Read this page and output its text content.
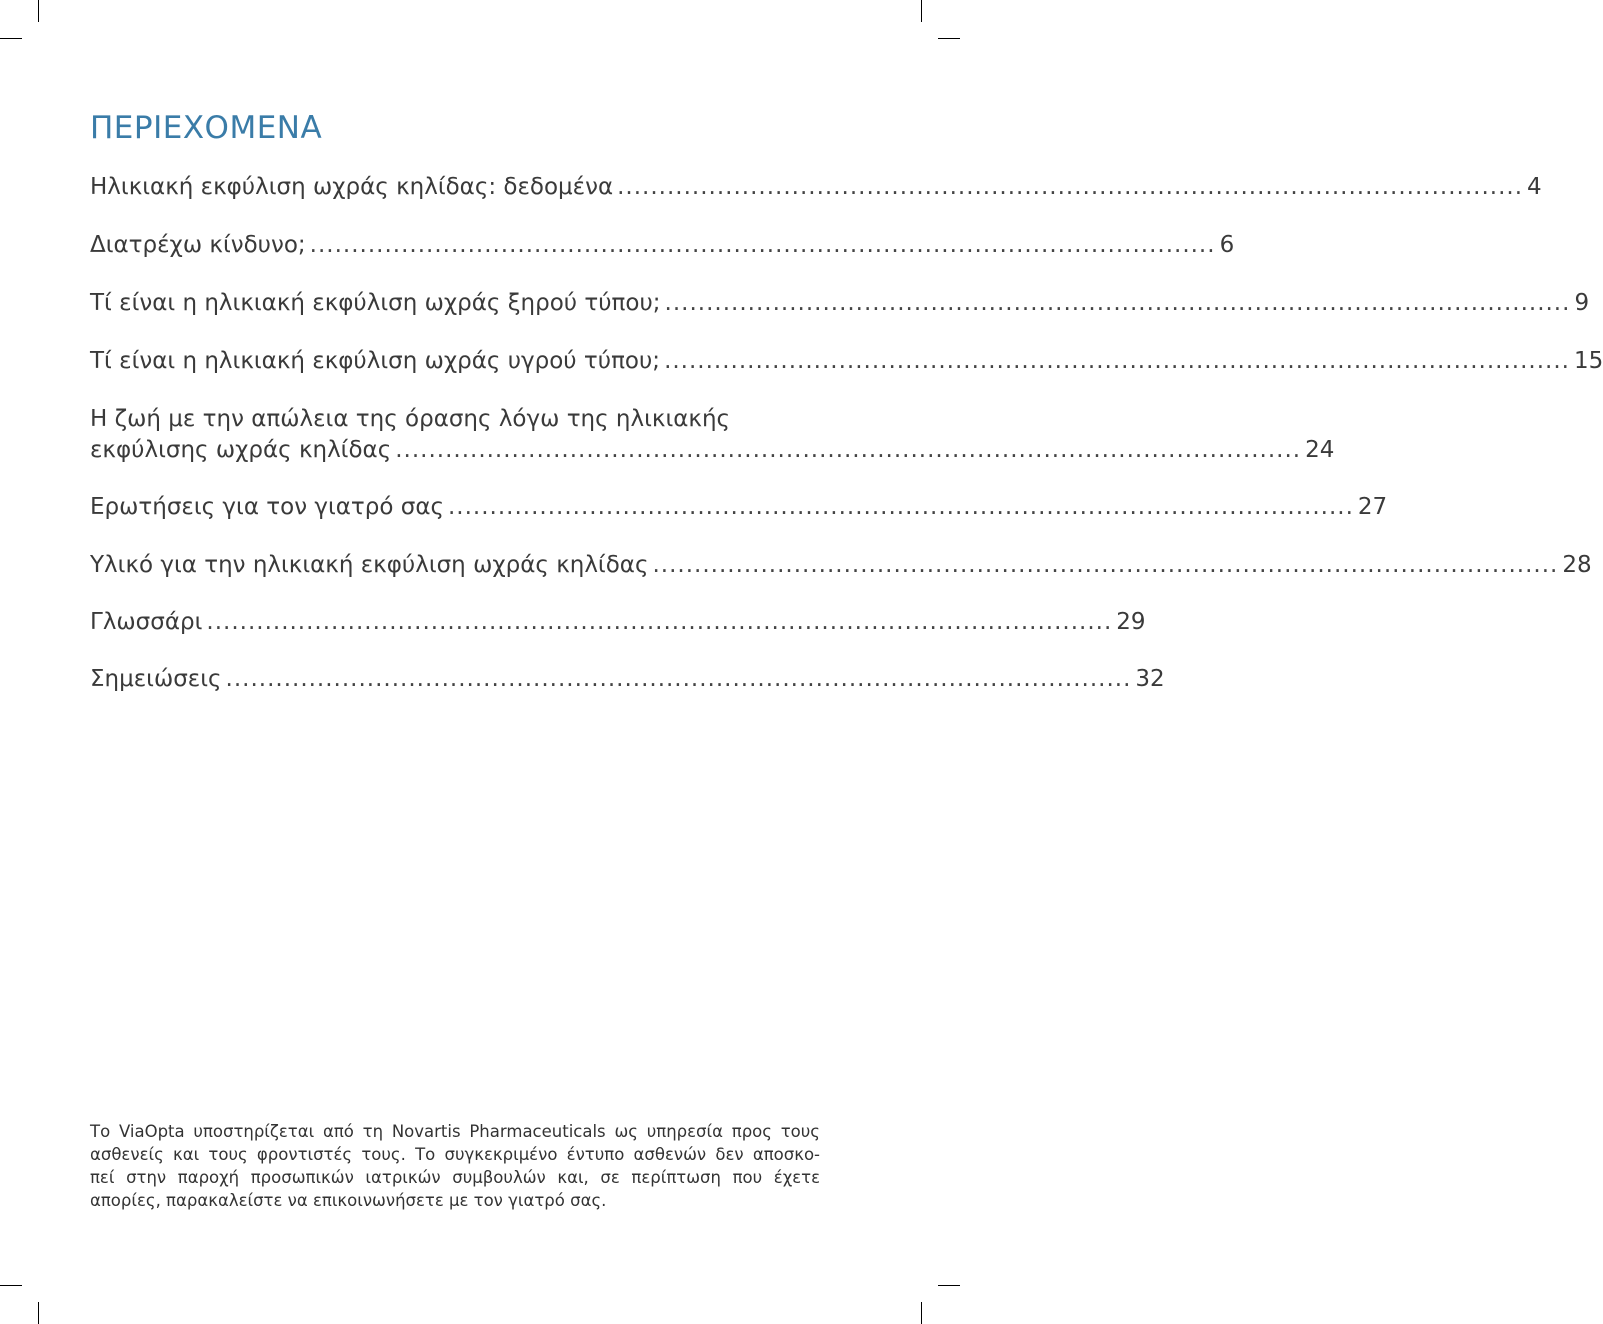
ΠΕΡΙΕΧΟΜΕΝΑ
Ηλικιακή εκφύλιση ωχράς κηλίδας: δεδομένα ............................................................................................................. 4
Διατρέχω κίνδυνο; ............................................................................................................. 6
Τί είναι η ηλικιακή εκφύλιση ωχράς ξηρού τύπου; ............................................................................................................. 9
Τί είναι η ηλικιακή εκφύλιση ωχράς υγρού τύπου; ............................................................................................................. 15
Η ζωή με την απώλεια της όρασης λόγω της ηλικιακής
εκφύλισης ωχράς κηλίδας ............................................................................................................. 24
Ερωτήσεις για τον γιατρό σας ............................................................................................................. 27
Υλικό για την ηλικιακή εκφύλιση ωχράς κηλίδας ............................................................................................................. 28
Γλωσσάρι ............................................................................................................. 29
Σημειώσεις ............................................................................................................. 32
Το ViaOpta υποστηρίζεται από τη Novartis Pharmaceuticals ως υπηρεσία προς τους
ασθενείς και τους φροντιστές τους. Το συγκεκριμένο έντυπο ασθενών δεν αποσκο-
πεί στην παροχή προσωπικών ιατρικών συμβουλών και, σε περίπτωση που έχετε
απορίες, παρακαλείστε να επικοινωνήσετε με τον γιατρό σας.
